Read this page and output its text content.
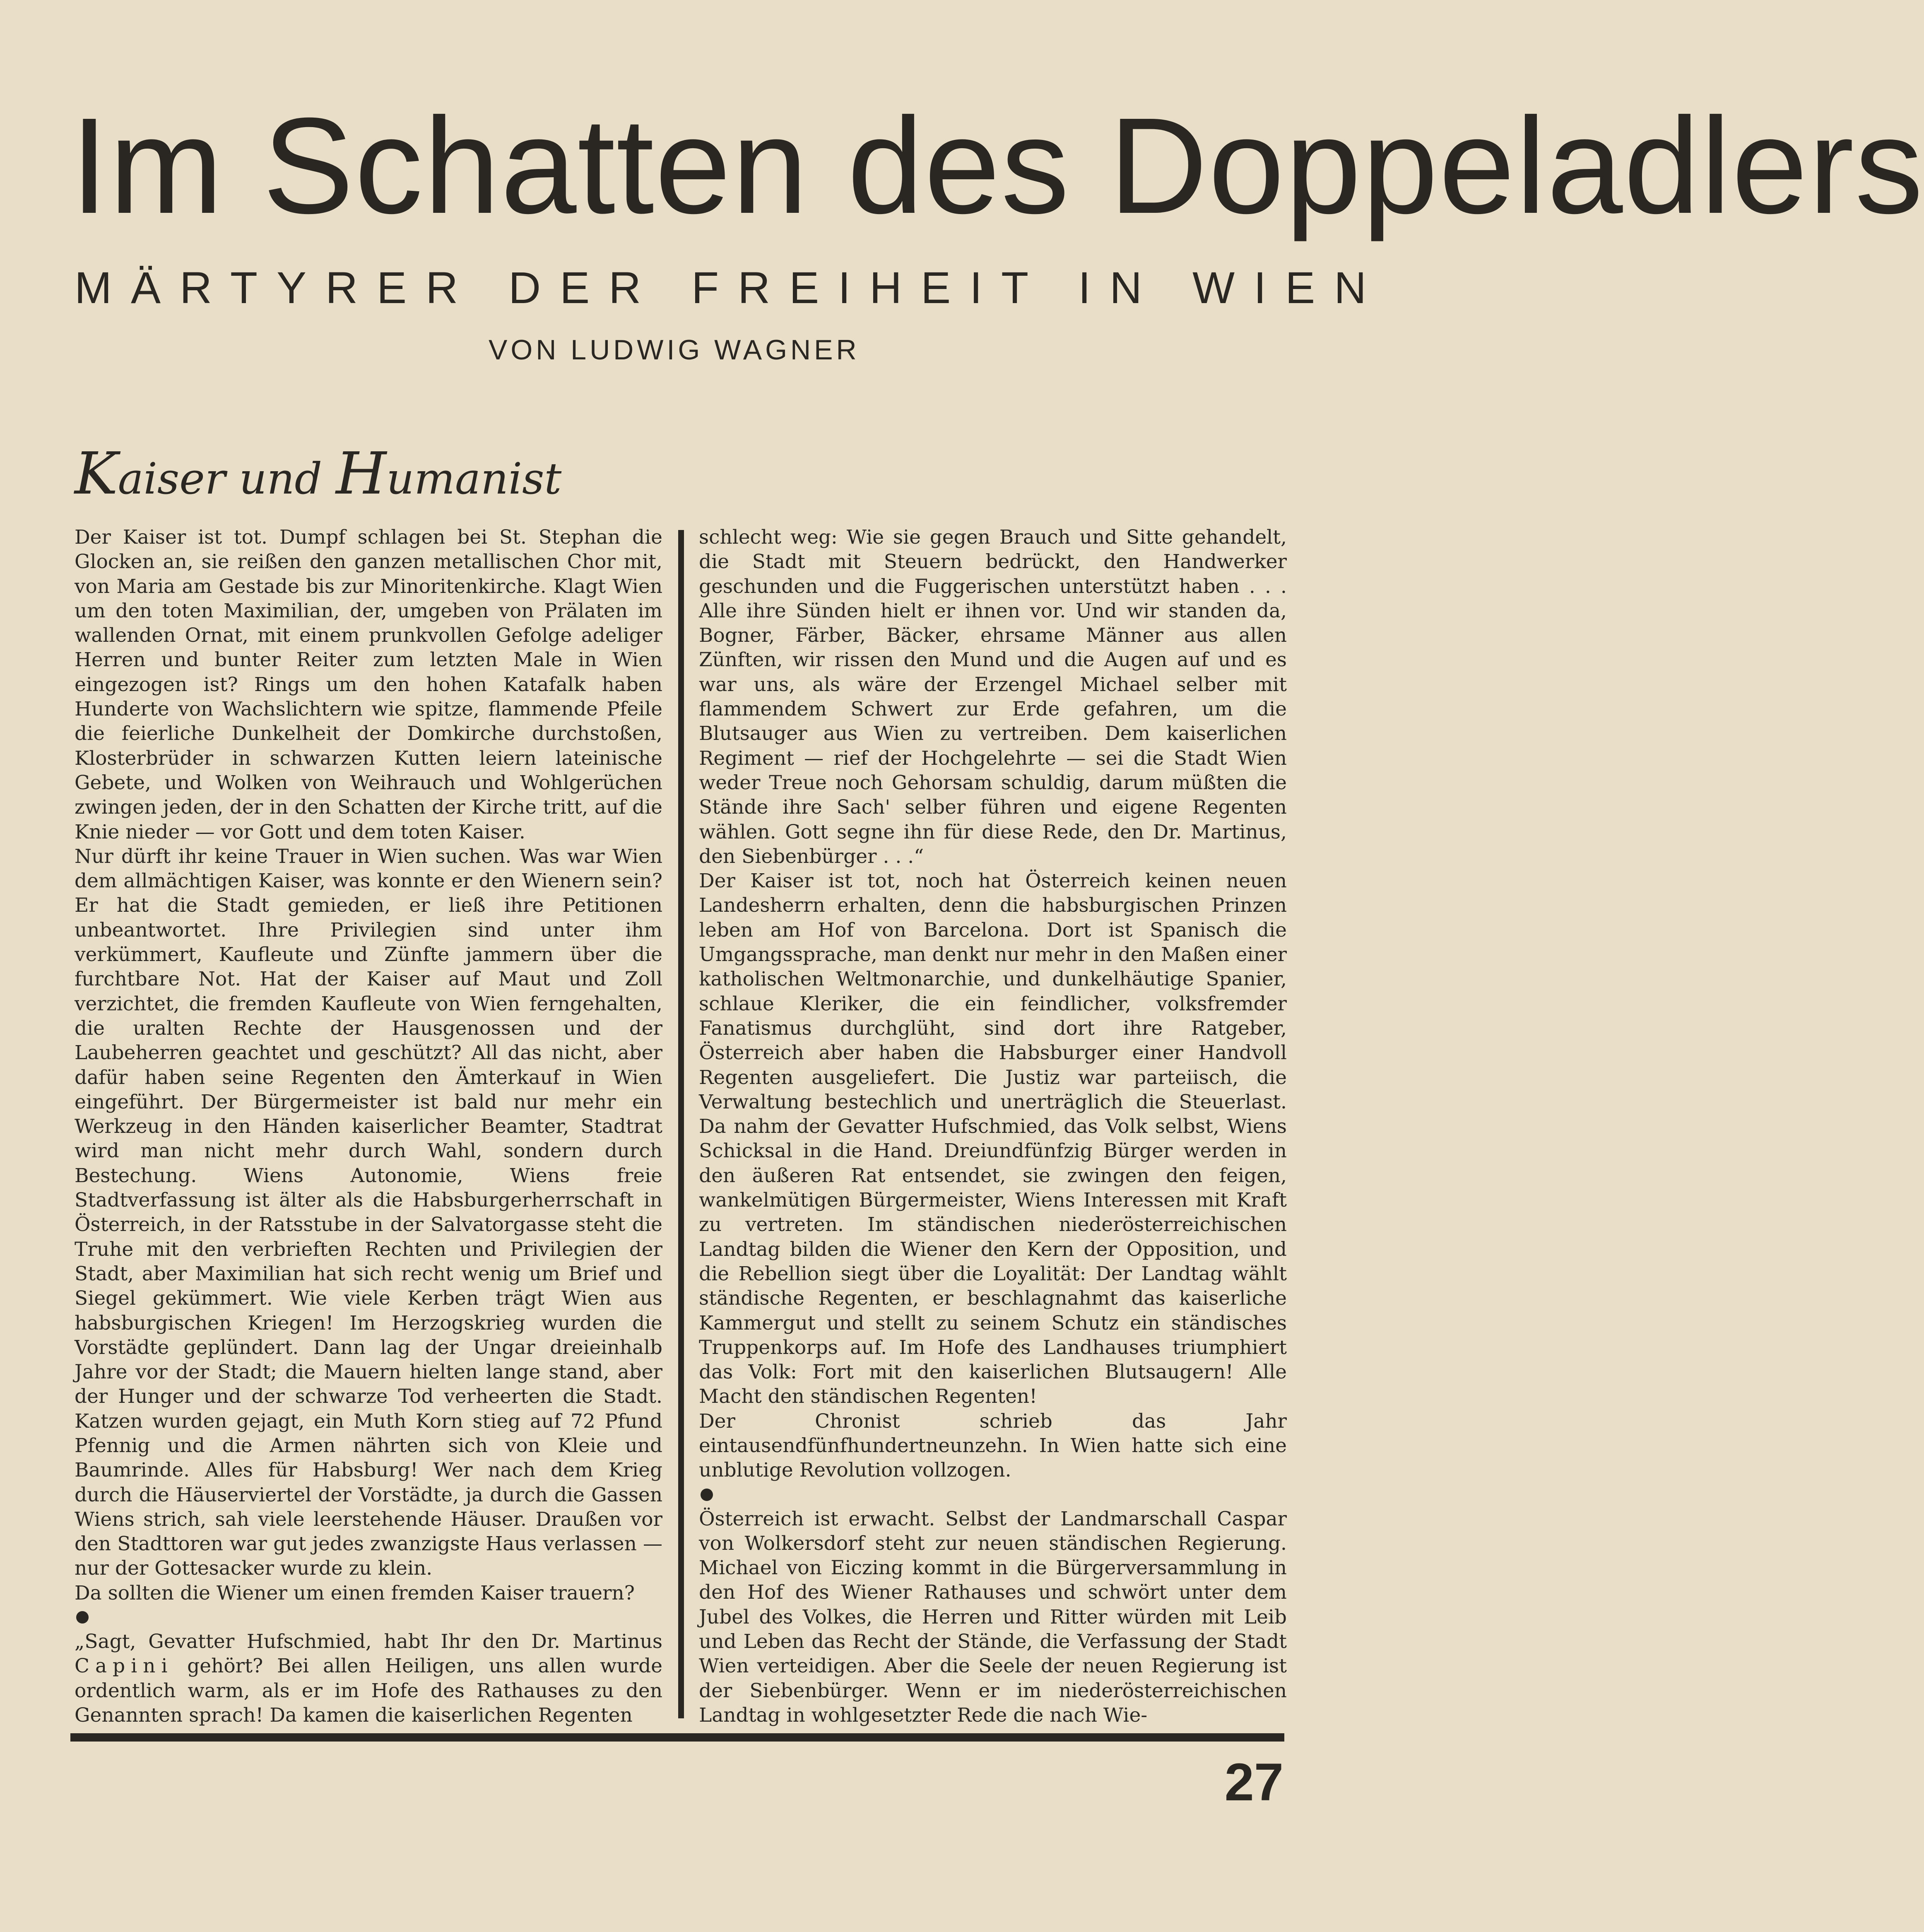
Im Schatten des Doppeladlers
MÄRTYRER DER FREIHEIT IN WIEN
VON LUDWIG WAGNER
Kaiser und Humanist

Der Kaiser ist tot. Dumpf schlagen bei St. Stephan die Glocken an, sie reißen den ganzen metallischen Chor mit, von Maria am Gestade bis zur Minoritenkirche. Klagt Wien um den toten Maximilian, der, umgeben von Prälaten im wallenden Ornat, mit einem prunkvollen Gefolge adeliger Herren und bunter Reiter zum letzten Male in Wien eingezogen ist? Rings um den hohen Katafalk haben Hunderte von Wachslichtern wie spitze, flammende Pfeile die feierliche Dunkelheit der Domkirche durchstoßen, Klosterbrüder in schwarzen Kutten leiern lateinische Gebete, und Wolken von Weihrauch und Wohlgerüchen zwingen jeden, der in den Schatten der Kirche tritt, auf die Knie nieder — vor Gott und dem toten Kaiser.

Nur dürft ihr keine Trauer in Wien suchen. Was war Wien dem allmächtigen Kaiser, was konnte er den Wienern sein? Er hat die Stadt gemieden, er ließ ihre Petitionen unbeantwortet. Ihre Privilegien sind unter ihm verkümmert, Kaufleute und Zünfte jammern über die furchtbare Not. Hat der Kaiser auf Maut und Zoll verzichtet, die fremden Kaufleute von Wien ferngehalten, die uralten Rechte der Hausgenossen und der Laubeherren geachtet und geschützt? All das nicht, aber dafür haben seine Regenten den Ämterkauf in Wien eingeführt. Der Bürgermeister ist bald nur mehr ein Werkzeug in den Händen kaiserlicher Beamter, Stadtrat wird man nicht mehr durch Wahl, sondern durch Bestechung. Wiens Autonomie, Wiens freie Stadtverfassung ist älter als die Habsburgerherrschaft in Österreich, in der Ratsstube in der Salvatorgasse steht die Truhe mit den verbrieften Rechten und Privilegien der Stadt, aber Maximilian hat sich recht wenig um Brief und Siegel gekümmert. Wie viele Kerben trägt Wien aus habsburgischen Kriegen! Im Herzogskrieg wurden die Vorstädte geplündert. Dann lag der Ungar dreieinhalb Jahre vor der Stadt; die Mauern hielten lange stand, aber der Hunger und der schwarze Tod verheerten die Stadt. Katzen wurden gejagt, ein Muth Korn stieg auf 72 Pfund Pfennig und die Armen nährten sich von Kleie und Baumrinde. Alles für Habsburg! Wer nach dem Krieg durch die Häuserviertel der Vorstädte, ja durch die Gassen Wiens strich, sah viele leerstehende Häuser. Draußen vor den Stadttoren war gut jedes zwanzigste Haus verlassen — nur der Gottesacker wurde zu klein.

Da sollten die Wiener um einen fremden Kaiser trauern?

„Sagt, Gevatter Hufschmied, habt Ihr den Dr. Martinus Capini gehört? Bei allen Heiligen, uns allen wurde ordentlich warm, als er im Hofe des Rathauses zu den Genannten sprach! Da kamen die kaiserlichen Regenten

schlecht weg: Wie sie gegen Brauch und Sitte gehandelt, die Stadt mit Steuern bedrückt, den Handwerker geschunden und die Fuggerischen unterstützt haben . . . Alle ihre Sünden hielt er ihnen vor. Und wir standen da, Bogner, Färber, Bäcker, ehrsame Männer aus allen Zünften, wir rissen den Mund und die Augen auf und es war uns, als wäre der Erzengel Michael selber mit flammendem Schwert zur Erde gefahren, um die Blutsauger aus Wien zu vertreiben. Dem kaiserlichen Regiment — rief der Hochgelehrte — sei die Stadt Wien weder Treue noch Gehorsam schuldig, darum müßten die Stände ihre Sach' selber führen und eigene Regenten wählen. Gott segne ihn für diese Rede, den Dr. Martinus, den Siebenbürger . . .“

Der Kaiser ist tot, noch hat Österreich keinen neuen Landesherrn erhalten, denn die habsburgischen Prinzen leben am Hof von Barcelona. Dort ist Spanisch die Umgangssprache, man denkt nur mehr in den Maßen einer katholischen Weltmonarchie, und dunkelhäutige Spanier, schlaue Kleriker, die ein feindlicher, volksfremder Fanatismus durchglüht, sind dort ihre Ratgeber, Österreich aber haben die Habsburger einer Handvoll Regenten ausgeliefert. Die Justiz war parteiisch, die Verwaltung bestechlich und unerträglich die Steuerlast. Da nahm der Gevatter Hufschmied, das Volk selbst, Wiens Schicksal in die Hand. Dreiundfünfzig Bürger werden in den äußeren Rat entsendet, sie zwingen den feigen, wankelmütigen Bürgermeister, Wiens Interessen mit Kraft zu vertreten. Im ständischen niederösterreichischen Landtag bilden die Wiener den Kern der Opposition, und die Rebellion siegt über die Loyalität: Der Landtag wählt ständische Regenten, er beschlagnahmt das kaiserliche Kammergut und stellt zu seinem Schutz ein ständisches Truppenkorps auf. Im Hofe des Landhauses triumphiert das Volk: Fort mit den kaiserlichen Blutsaugern! Alle Macht den ständischen Regenten!

Der Chronist schrieb das Jahr eintausendfünfhundertneunzehn. In Wien hatte sich eine unblutige Revolution vollzogen.

Österreich ist erwacht. Selbst der Landmarschall Caspar von Wolkersdorf steht zur neuen ständischen Regierung. Michael von Eiczing kommt in die Bürgerversammlung in den Hof des Wiener Rathauses und schwört unter dem Jubel des Volkes, die Herren und Ritter würden mit Leib und Leben das Recht der Stände, die Verfassung der Stadt Wien verteidigen. Aber die Seele der neuen Regierung ist der Siebenbürger. Wenn er im niederösterreichischen Landtag in wohlgesetzter Rede die nach Wie-

27
